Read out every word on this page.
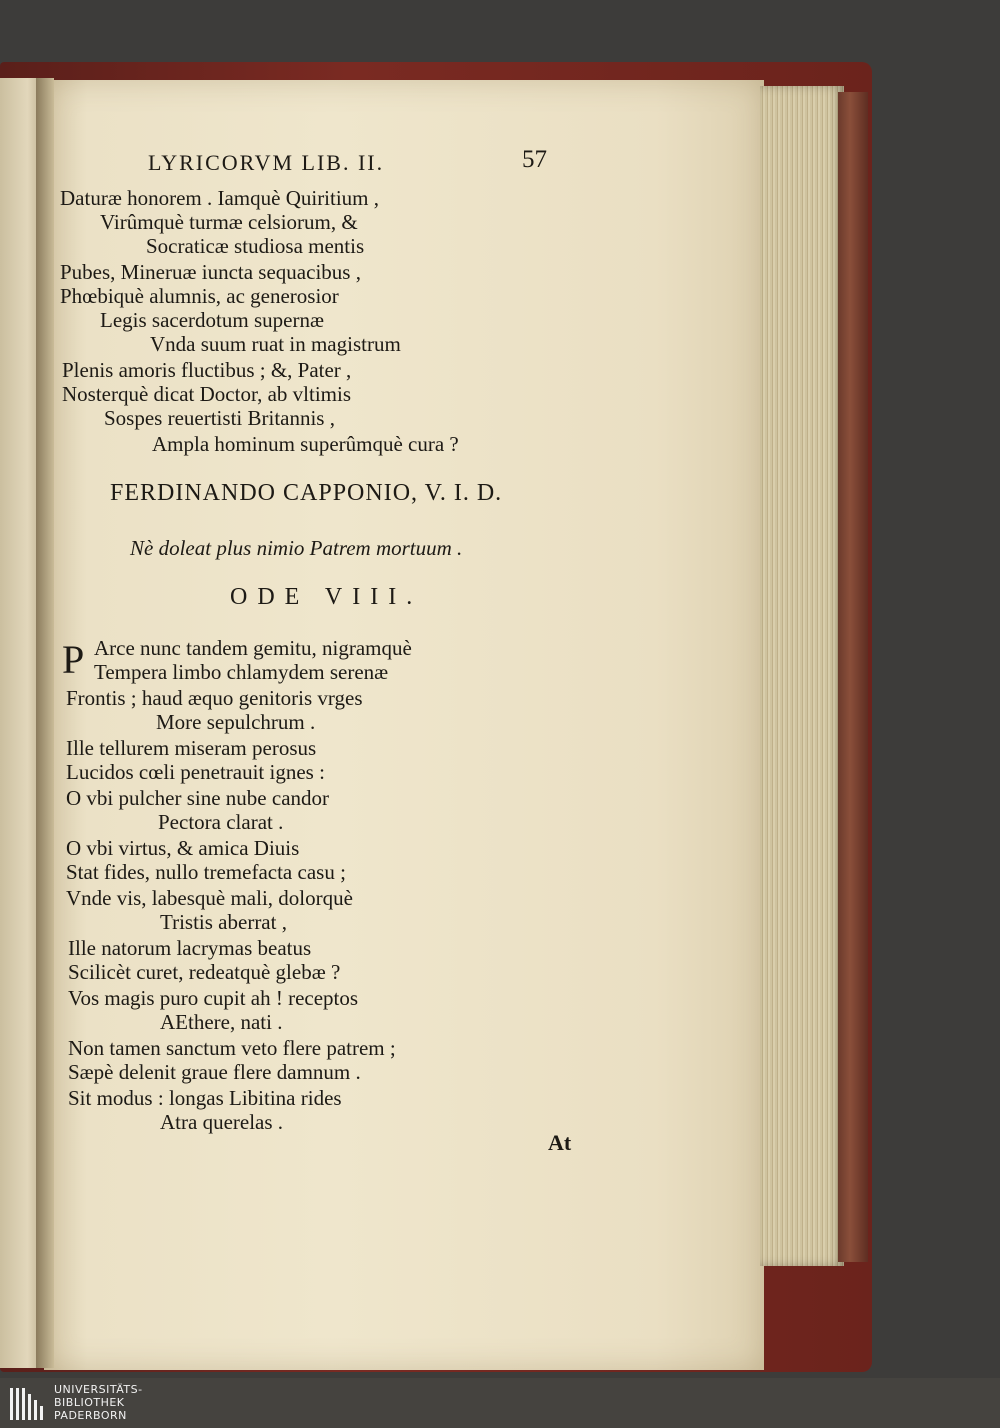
LYRICORVM LIB. II.	57
Daturæ honorem . Iamquè Quiritium ,
Virûmquè turmæ celsiorum, &
Socraticæ studiosa mentis
Pubes, Mineruæ iuncta sequacibus ,
Phœbiquè alumnis, ac generosior
Legis sacerdotum supernæ
Vnda suum ruat in magistrum
Plenis amoris fluctibus ; &, Pater ,
Nosterquè dicat Doctor, ab vltimis
Sospes reuertisti Britannis ,
Ampla hominum superûmquè cura ?
FERDINANDO CAPPONIO, V. I. D.
Nè doleat plus nimio Patrem mortuum .
ODE VIII.
P Arce nunc tandem gemitu, nigramquè
Tempera limbo chlamydem serenæ
Frontis ; haud æquo genitoris vrges
More sepulchrum .
Ille tellurem miseram perosus
Lucidos cœli penetrauit ignes :
O vbi pulcher sine nube candor
Pectora clarat .
O vbi virtus, & amica Diuis
Stat fides, nullo tremefacta casu ;
Vnde vis, labesquè mali, dolorquè
Tristis aberrat ,
Ille natorum lacrymas beatus
Scilicèt curet, redeatquè glebæ ?
Vos magis puro cupit ah ! receptos
AEthere, nati .
Non tamen sanctum veto flere patrem ;
Sæpè delenit graue flere damnum .
Sit modus : longas Libitina rides
Atra querelas .
At
UNIVERSITÄTS-
BIBLIOTHEK
PADERBORN
